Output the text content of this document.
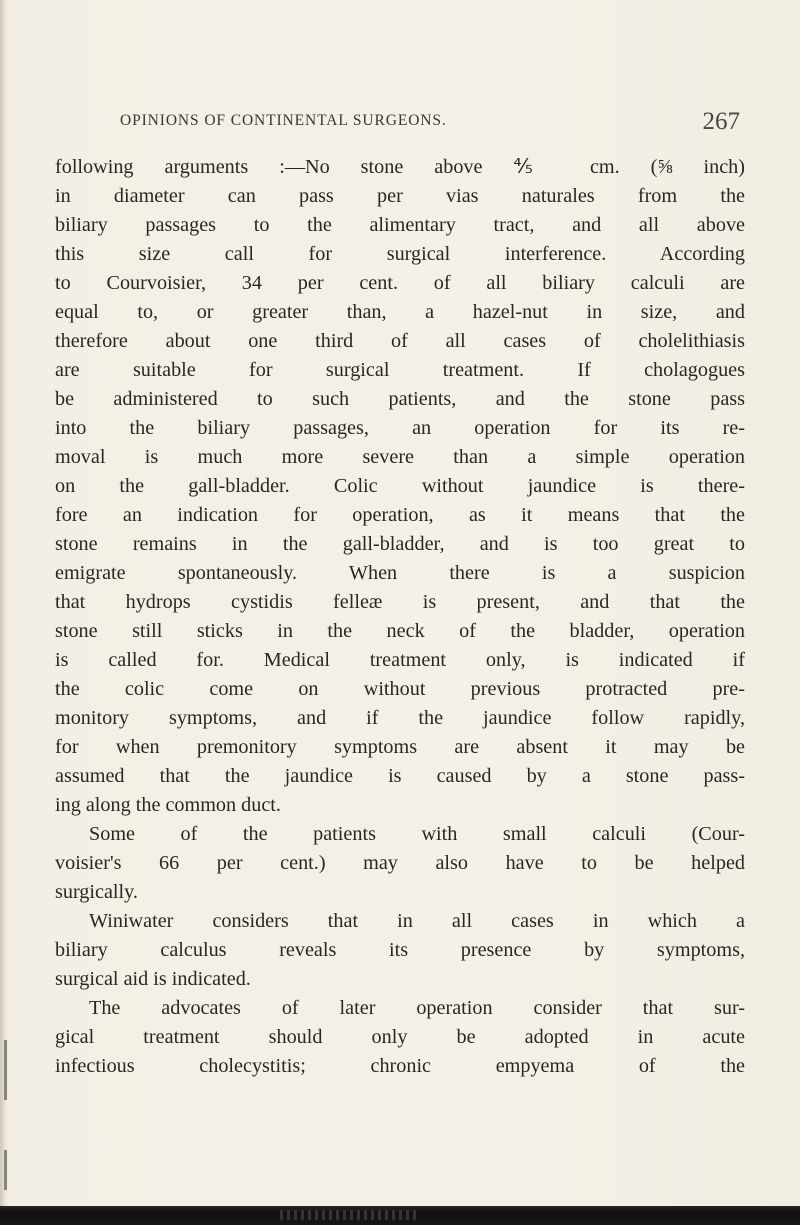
OPINIONS OF CONTINENTAL SURGEONS.	267
following arguments :—No stone above ⅘ cm. (⅝ inch)
in diameter can pass per vias naturales from the
biliary passages to the alimentary tract, and all above
this size call for surgical interference. According
to Courvoisier, 34 per cent. of all biliary calculi are
equal to, or greater than, a hazel-nut in size, and
therefore about one third of all cases of cholelithiasis
are suitable for surgical treatment. If cholagogues
be administered to such patients, and the stone pass
into the biliary passages, an operation for its re-
moval is much more severe than a simple operation
on the gall-bladder. Colic without jaundice is there-
fore an indication for operation, as it means that the
stone remains in the gall-bladder, and is too great to
emigrate spontaneously. When there is a suspicion
that hydrops cystidis felleæ is present, and that the
stone still sticks in the neck of the bladder, operation
is called for. Medical treatment only, is indicated if
the colic come on without previous protracted pre-
monitory symptoms, and if the jaundice follow rapidly,
for when premonitory symptoms are absent it may be
assumed that the jaundice is caused by a stone pass-
ing along the common duct.
Some of the patients with small calculi (Cour-
voisier's 66 per cent.) may also have to be helped
surgically.
Winiwater considers that in all cases in which a
biliary calculus reveals its presence by symptoms,
surgical aid is indicated.
The advocates of later operation consider that sur-
gical treatment should only be adopted in acute
infectious cholecystitis; chronic empyema of the
